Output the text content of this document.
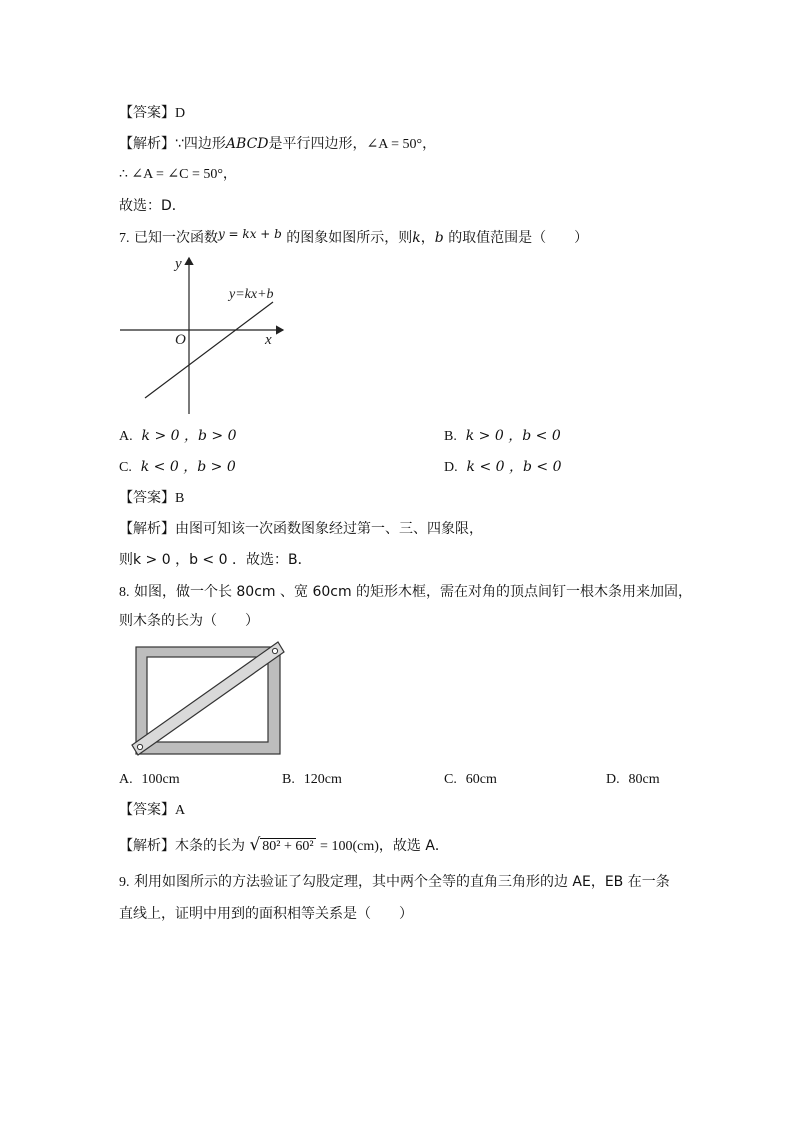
【答案】D
【解析】∵四边形ABCD是平行四边形，∠A = 50°，
∴ ∠A = ∠C = 50°，
故选：D．
7. 已知一次函数y = kx + b 的图象如图所示，则k，b 的取值范围是（　　）
y
x
O
y=kx+b
A. k > 0 ，b > 0	B. k > 0 ，b < 0
C. k < 0 ，b > 0	D. k < 0 ，b < 0
【答案】B
【解析】由图可知该一次函数图象经过第一、三、四象限，
则k > 0 ，b < 0 ．故选：B．
8. 如图，做一个长 80cm 、宽 60cm 的矩形木框，需在对角的顶点间钉一根木条用来加固，
则木条的长为（　　）
A. 100cm	B. 120cm	C. 60cm	D. 80cm
【答案】A
【解析】木条的长为 √ 80² + 60² = 100(cm)，故选 A．
9. 利用如图所示的方法验证了勾股定理，其中两个全等的直角三角形的边 AE，EB 在一条
直线上，证明中用到的面积相等关系是（　　）
